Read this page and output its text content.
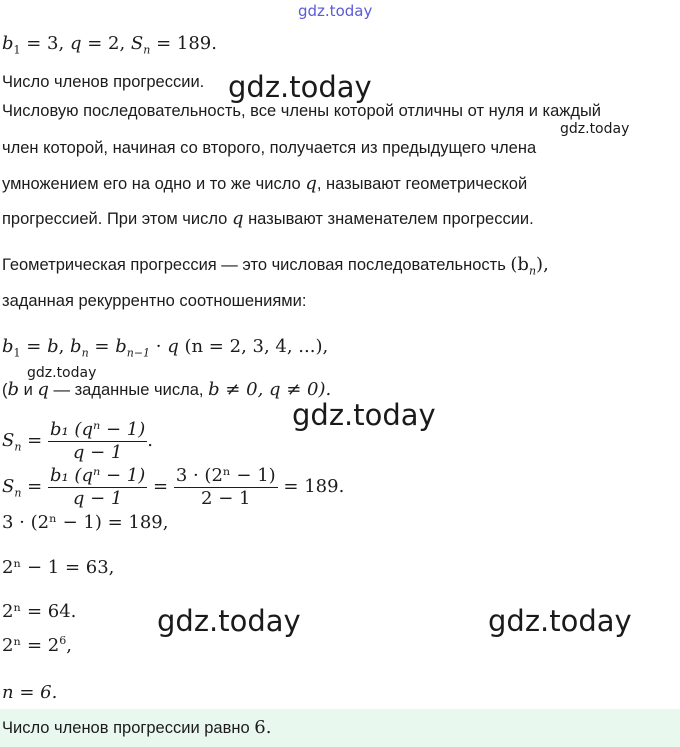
gdz.today
$b_1 = 3$, q = 2, $S_n = 189$.
Число членов прогрессии. gdz.today
Числовую последовательность, все члены которой отличны от нуля и каждый
gdz.today
член которой, начиная со второго, получается из предыдущего члена
умножением его на одно и то же число q, называют геометрической
прогрессией. При этом число q называют знаменателем прогрессии.
Геометрическая прогрессия — это числовая последовательность $(b_n)$,
заданная рекуррентно соотношениями:
$b_1 = b$, $b_n = b_{n-1} \cdot q$ (n = 2, 3, 4, ...),
gdz.today
(b и q — заданные числа, b ≠ 0, q ≠ 0).
gdz.today
$S_n = \frac{\text{b₁ (qⁿ − 1)}}{q - 1}$ .
$S_n = \frac{\text{b₁ (qⁿ − 1)}}{q - 1} = \frac{\text{3 · (2ⁿ − 1)}}{2 - 1} = 189$.
3 · (2ⁿ − 1) = 189,
2ⁿ − 1 = 63,
2ⁿ = 64.	gdz.today	gdz.today
$2^n = 2^6$,
n = 6.
Число членов прогрессии равно 6.
